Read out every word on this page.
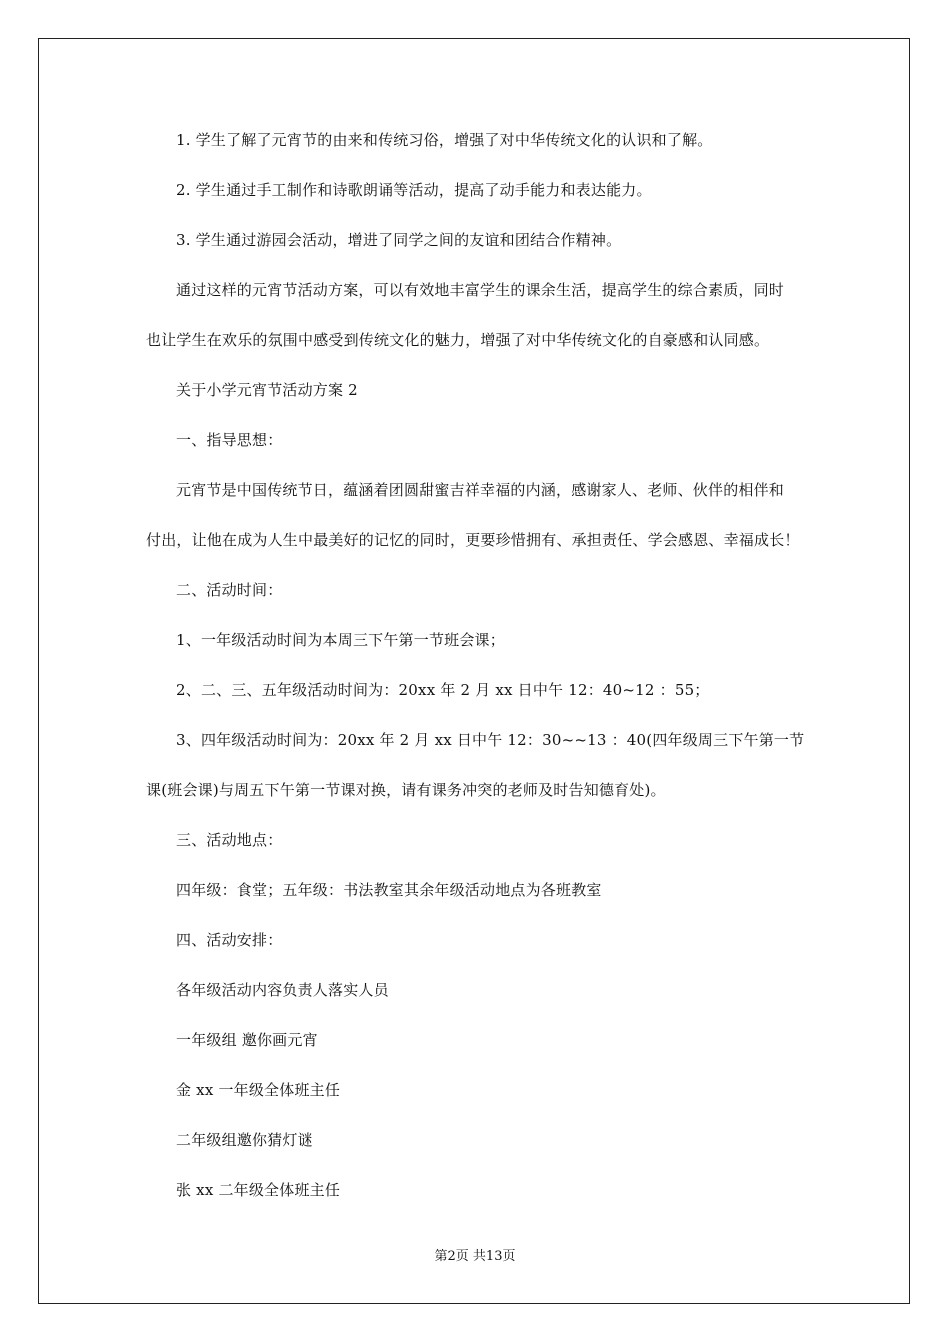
1. 学生了解了元宵节的由来和传统习俗，增强了对中华传统文化的认识和了解。
2. 学生通过手工制作和诗歌朗诵等活动，提高了动手能力和表达能力。
3. 学生通过游园会活动，增进了同学之间的友谊和团结合作精神。
通过这样的元宵节活动方案，可以有效地丰富学生的课余生活，提高学生的综合素质，同时
也让学生在欢乐的氛围中感受到传统文化的魅力，增强了对中华传统文化的自豪感和认同感。
关于小学元宵节活动方案 2
一、指导思想：
元宵节是中国传统节日，蕴涵着团圆甜蜜吉祥幸福的内涵，感谢家人、老师、伙伴的相伴和
付出，让他在成为人生中最美好的记忆的同时，更要珍惜拥有、承担责任、学会感恩、幸福成长！
二、活动时间：
1、一年级活动时间为本周三下午第一节班会课；
2、二、三、五年级活动时间为：20xx 年 2 月 xx 日中午 12：40~12 ：55；
3、四年级活动时间为：20xx 年 2 月 xx 日中午 12：30~~13 ：40(四年级周三下午第一节
课(班会课)与周五下午第一节课对换，请有课务冲突的老师及时告知德育处)。
三、活动地点：
四年级：食堂；五年级：书法教室其余年级活动地点为各班教室
四、活动安排：
各年级活动内容负责人落实人员
一年级组 邀你画元宵
金 xx 一年级全体班主任
二年级组邀你猜灯谜
张 xx 二年级全体班主任
第2页 共13页
